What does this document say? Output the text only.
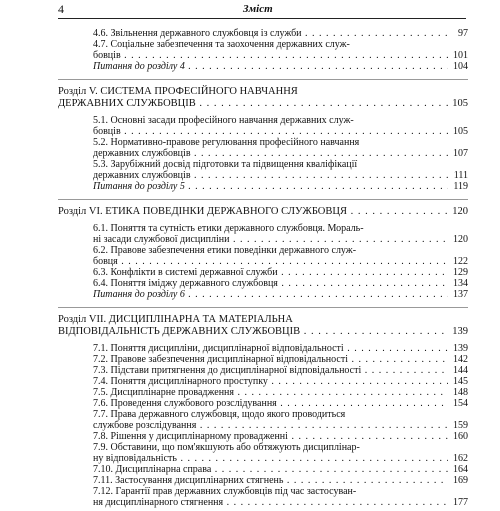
4	Зміст
4.6. Звільнення державного службовця із служби . . .	97
4.7. Соціальне забезпечення та заохочення державних служ-
бовців . . .	101
Питання до розділу 4 . . .	104
Розділ V. СИСТЕМА ПРОФЕСІЙНОГО НАВЧАННЯ
ДЕРЖАВНИХ СЛУЖБОВЦІВ . . .	105
5.1. Основні засади професійного навчання державних служ-
бовців . . .	105
5.2. Нормативно-правове регулювання професійного навчання
державних службовців . . .	107
5.3. Зарубіжний досвід підготовки та підвищення кваліфікації
державних службовців . . .	111
Питання до розділу 5 . . .	119
Розділ VI. ЕТИКА ПОВЕДІНКИ ДЕРЖАВНОГО СЛУЖБОВЦЯ . . .	120
6.1. Поняття та сутність етики державного службовця. Мораль-
ні засади службової дисципліни . . .	120
6.2. Правове забезпечення етики поведінки державного служ-
бовця . . .	122
6.3. Конфлікти в системі державної служби . . .	129
6.4. Поняття іміджу державного службовця . . .	134
Питання до розділу 6 . . .	137
Розділ VII. ДИСЦИПЛІНАРНА ТА МАТЕРІАЛЬНА
ВІДПОВІДАЛЬНІСТЬ ДЕРЖАВНИХ СЛУЖБОВЦІВ . . .	139
7.1. Поняття дисципліни, дисциплінарної відповідальності . . .	139
7.2. Правове забезпечення дисциплінарної відповідальності . . .	142
7.3. Підстави притягнення до дисциплінарної відповідальності . . .	144
7.4. Поняття дисциплінарного проступку . . .	145
7.5. Дисциплінарне провадження . . .	148
7.6. Проведення службового розслідування . . .	154
7.7. Права державного службовця, щодо якого проводиться
службове розслідування . . .	159
7.8. Рішення у дисциплінарному провадженні . . .	160
7.9. Обставини, що пом'якшують або обтяжують дисциплінар-
ну відповідальність . . .	162
7.10. Дисциплінарна справа . . .	164
7.11. Застосування дисциплінарних стягнень . . .	169
7.12. Гарантії прав державних службовців під час застосуван-
ня дисциплінарного стягнення . . .	177
